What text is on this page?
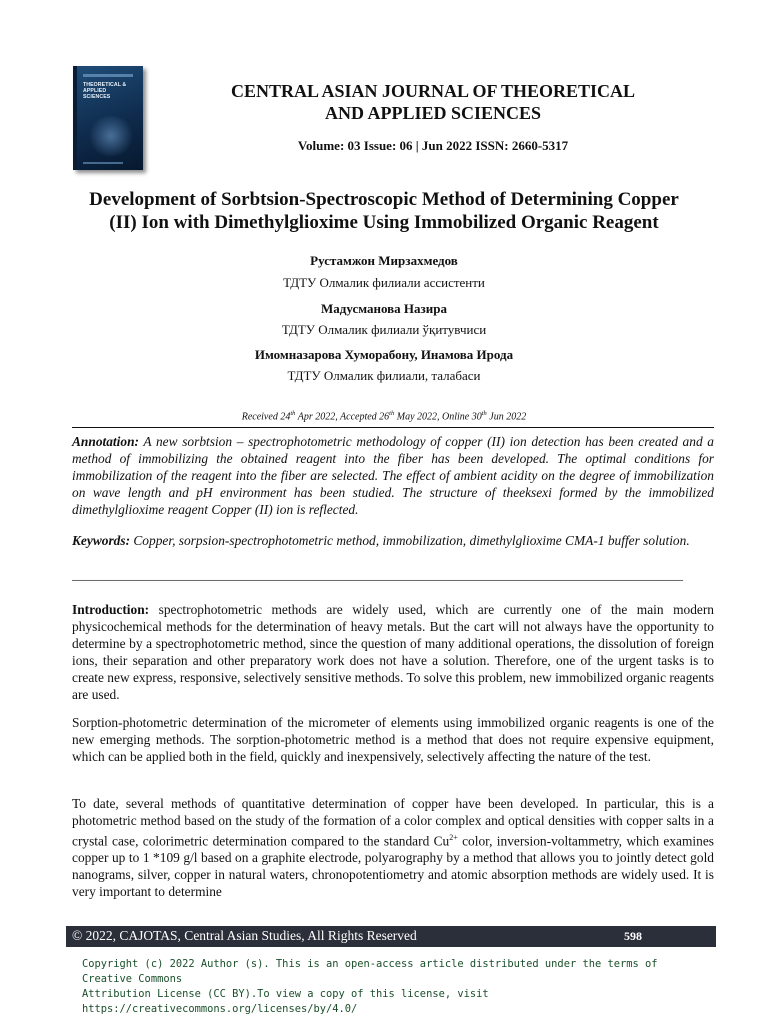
THEORETICAL &
APPLIED
SCIENCES	CENTRAL ASIAN JOURNAL OF THEORETICAL
AND APPLIED SCIENCES
Volume: 03 Issue: 06 | Jun 2022 ISSN: 2660-5317
Development of Sorbtsion-Spectroscopic Method of Determining Copper
(II) Ion with Dimethylglioxime Using Immobilized Organic Reagent
Рустамжон Мирзахмедов
ТДТУ Олмалик филиали ассистенти
Мадусманова Назира
ТДТУ Олмалик филиали ўқитувчиси
Имомназарова Хуморабону, Инамова Ирода
ТДТУ Олмалик филиали, талабаси
Received 24th Apr 2022, Accepted 26th May 2022, Online 30th Jun 2022
Annotation: A new sorbtsion – spectrophotometric methodology of copper (II) ion detection has been created and a method of immobilizing the obtained reagent into the fiber has been developed. The optimal conditions for immobilization of the reagent into the fiber are selected. The effect of ambient acidity on the degree of immobilization on wave length and pH environment has been studied. The structure of theeksexi formed by the immobilized dimethylglioxime reagent Copper (II) ion is reflected.
Keywords: Copper, sorpsion-spectrophotometric method, immobilization, dimethylglioxime CMA-1 buffer solution.
______________________________________________________________________________________________
Introduction: spectrophotometric methods are widely used, which are currently one of the main modern physicochemical methods for the determination of heavy metals. But the cart will not always have the opportunity to determine by a spectrophotometric method, since the question of many additional operations, the dissolution of foreign ions, their separation and other preparatory work does not have a solution. Therefore, one of the urgent tasks is to create new express, responsive, selectively sensitive methods. To solve this problem, new immobilized organic reagents are used.
Sorption-photometric determination of the micrometer of elements using immobilized organic reagents is one of the new emerging methods. The sorption-photometric method is a method that does not require expensive equipment, which can be applied both in the field, quickly and inexpensively, selectively affecting the nature of the test.
To date, several methods of quantitative determination of copper have been developed. In particular, this is a photometric method based on the study of the formation of a color complex and optical densities with copper salts in a crystal case, colorimetric determination compared to the standard $Cu^{2+}$ color, inversion-voltammetry, which examines copper up to 1 *109 g/l based on a graphite electrode, polyarography by a method that allows you to jointly detect gold nanograms, silver, copper in natural waters, chronopotentiometry and atomic absorption methods are widely used. It is very important to determine
© 2022, CAJOTAS, Central Asian Studies, All Rights Reserved	598
Copyright (c) 2022 Author (s). This is an open-access article distributed under the terms of Creative Commons
Attribution License (CC BY).To view a copy of this license, visit https://creativecommons.org/licenses/by/4.0/
